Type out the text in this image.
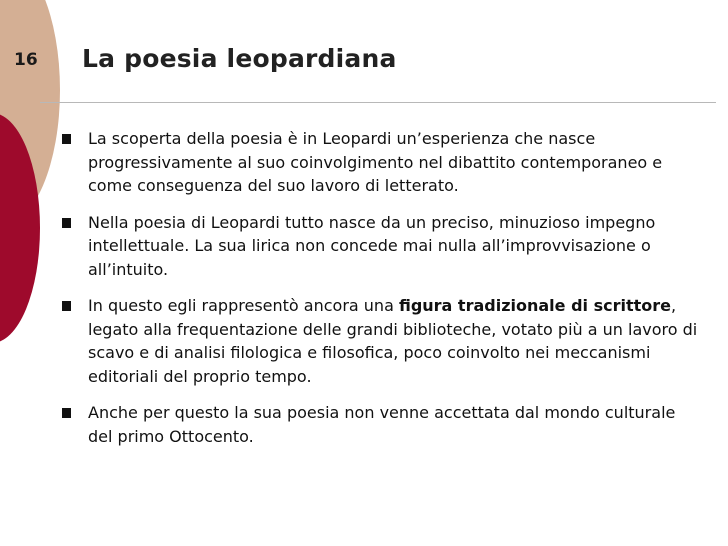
16 La poesia leopardiana
La scoperta della poesia è in Leopardi un’esperienza che nasce progressivamente al suo coinvolgimento nel dibattito contemporaneo e come conseguenza del suo lavoro di letterato.
Nella poesia di Leopardi tutto nasce da un preciso, minuzioso impegno intellettuale. La sua lirica non concede mai nulla all’improvvisazione o all’intuito.
In questo egli rappresentò ancora una figura tradizionale di scrittore, legato alla frequentazione delle grandi biblioteche, votato più a un lavoro di scavo e di analisi filologica e filosofica, poco coinvolto nei meccanismi editoriali del proprio tempo.
Anche per questo la sua poesia non venne accettata dal mondo culturale del primo Ottocento.
